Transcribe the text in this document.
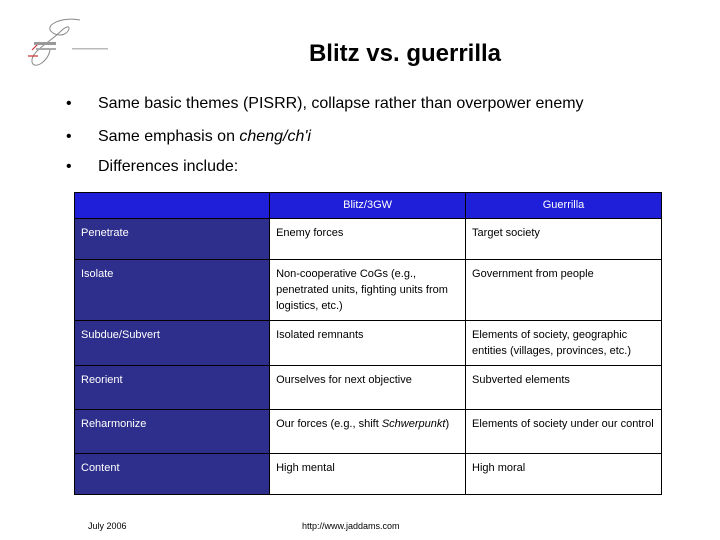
Blitz vs. guerrilla
• Same basic themes (PISRR), collapse rather than overpower enemy
• Same emphasis on cheng/ch'i
• Differences include:
	Blitz/3GW	Guerrilla
Penetrate	Enemy forces	Target society
Isolate	Non-cooperative CoGs (e.g., penetrated units, fighting units from logistics, etc.)	Government from people
Subdue/Subvert	Isolated remnants	Elements of society, geographic entities (villages, provinces, etc.)
Reorient	Ourselves for next objective	Subverted elements
Reharmonize	Our forces (e.g., shift Schwerpunkt)	Elements of society under our control
Content	High mental	High moral
July 2006	http://www.jaddams.com
